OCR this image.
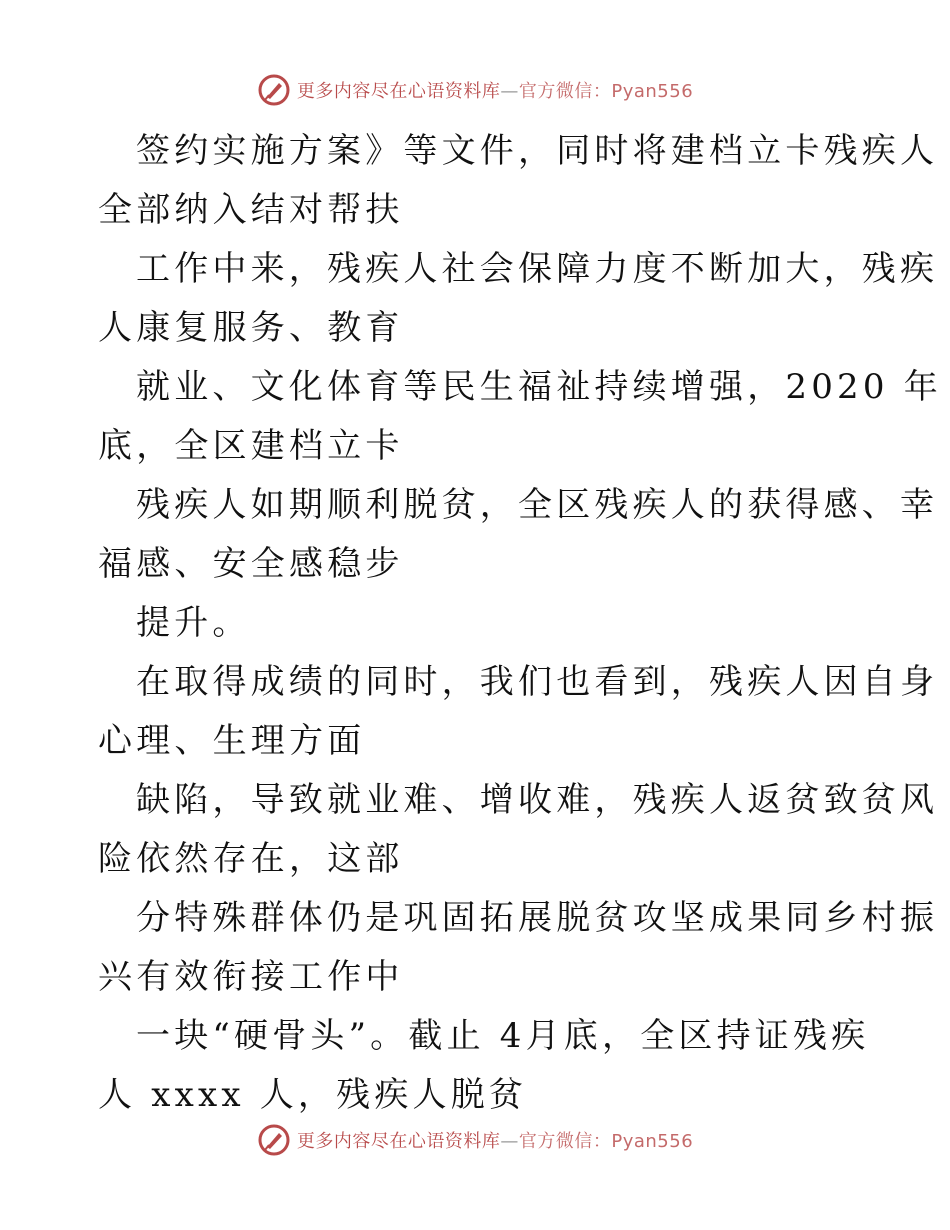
更多内容尽在心语资料库—官方微信：Pyan556
签约实施方案》等文件，同时将建档立卡残疾人
全部纳入结对帮扶
工作中来，残疾人社会保障力度不断加大，残疾
人康复服务、教育
就业、文化体育等民生福祉持续增强，2020 年
底，全区建档立卡
残疾人如期顺利脱贫，全区残疾人的获得感、幸
福感、安全感稳步
提升。
在取得成绩的同时，我们也看到，残疾人因自身
心理、生理方面
缺陷，导致就业难、增收难，残疾人返贫致贫风
险依然存在，这部
分特殊群体仍是巩固拓展脱贫攻坚成果同乡村振
兴有效衔接工作中
一块“硬骨头”。截止 4月底，全区持证残疾
人 xxxx 人，残疾人脱贫
更多内容尽在心语资料库—官方微信：Pyan556
